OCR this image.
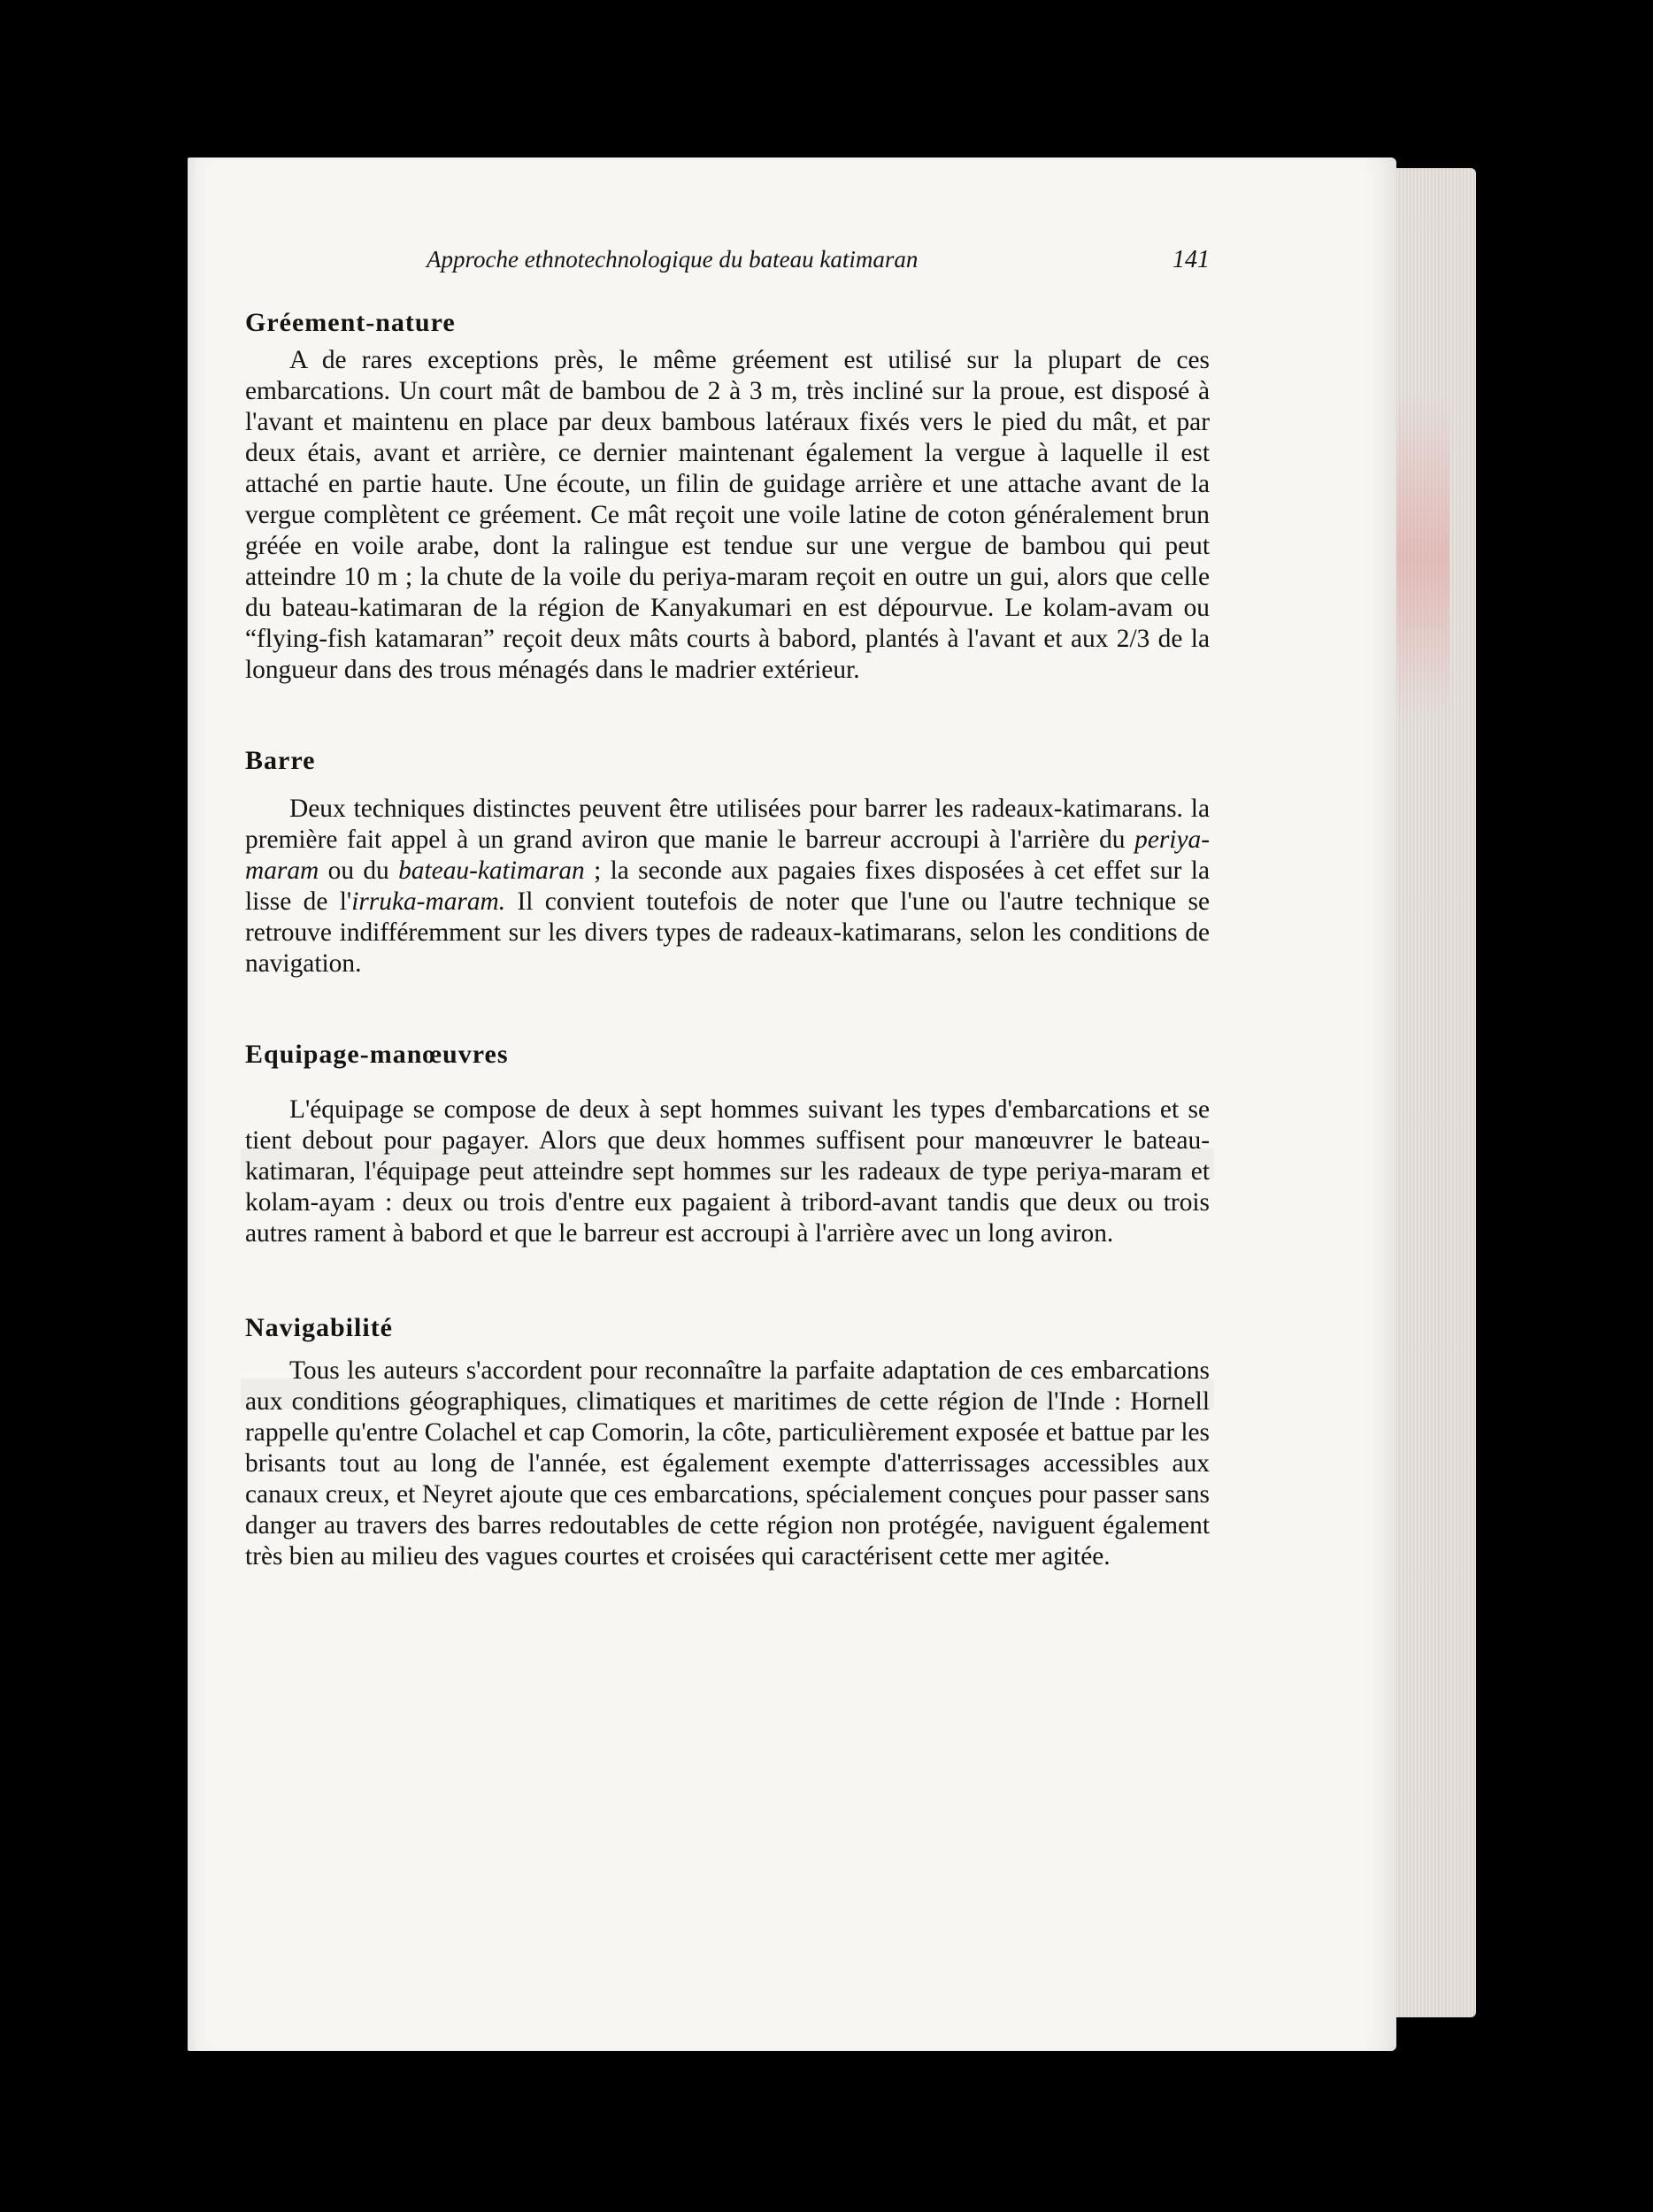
Approche ethnotechnologique du bateau katimaran	141
Gréement-nature

A de rares exceptions près, le même gréement est utilisé sur la plupart de ces embarcations. Un court mât de bambou de 2 à 3 m, très incliné sur la proue, est disposé à l'avant et maintenu en place par deux bambous latéraux fixés vers le pied du mât, et par deux étais, avant et arrière, ce dernier maintenant également la vergue à laquelle il est attaché en partie haute. Une écoute, un filin de guidage arrière et une attache avant de la vergue complètent ce gréement. Ce mât reçoit une voile latine de coton généralement brun gréée en voile arabe, dont la ralingue est tendue sur une vergue de bambou qui peut atteindre 10 m ; la chute de la voile du periya-maram reçoit en outre un gui, alors que celle du bateau-katimaran de la région de Kanyakumari en est dépourvue. Le kolam-avam ou “flying-fish katamaran” reçoit deux mâts courts à babord, plantés à l'avant et aux 2/3 de la longueur dans des trous ménagés dans le madrier extérieur.

Barre

Deux techniques distinctes peuvent être utilisées pour barrer les radeaux-katimarans. la première fait appel à un grand aviron que manie le barreur accroupi à l'arrière du periya-maram ou du bateau-katimaran ; la seconde aux pagaies fixes disposées à cet effet sur la lisse de l'irruka-maram. Il convient toutefois de noter que l'une ou l'autre technique se retrouve indifféremment sur les divers types de radeaux-katimarans, selon les conditions de navigation.

Equipage-manœuvres

L'équipage se compose de deux à sept hommes suivant les types d'embarcations et se tient debout pour pagayer. Alors que deux hommes suffisent pour manœuvrer le bateau-katimaran, l'équipage peut atteindre sept hommes sur les radeaux de type periya-maram et kolam-ayam : deux ou trois d'entre eux pagaient à tribord-avant tandis que deux ou trois autres rament à babord et que le barreur est accroupi à l'arrière avec un long aviron.

Navigabilité

Tous les auteurs s'accordent pour reconnaître la parfaite adaptation de ces embarcations aux conditions géographiques, climatiques et maritimes de cette région de l'Inde : Hornell rappelle qu'entre Colachel et cap Comorin, la côte, particulièrement exposée et battue par les brisants tout au long de l'année, est également exempte d'atterrissages accessibles aux canaux creux, et Neyret ajoute que ces embarcations, spécialement conçues pour passer sans danger au travers des barres redoutables de cette région non protégée, naviguent également très bien au milieu des vagues courtes et croisées qui caractérisent cette mer agitée.
